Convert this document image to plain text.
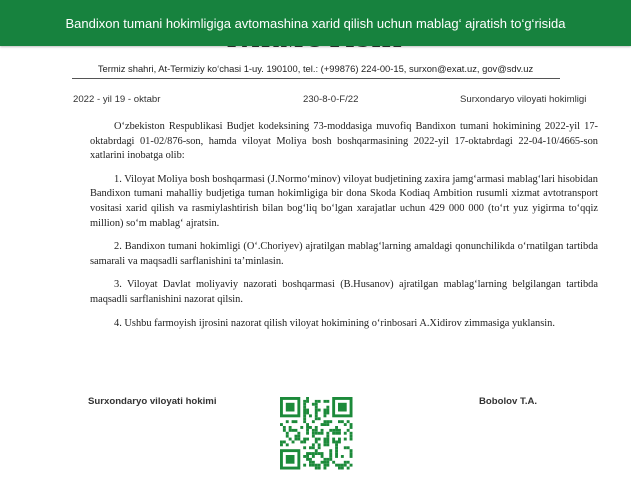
Bandixon tumani hokimligiga avtomashina xarid qilish uchun mablag‘ ajratish to‘g‘risida
Termiz shahri, At-Termiziy ko‘chasi 1-uy. 190100, tel.: (+99876) 224-00-15, surxon@exat.uz, gov@sdv.uz
2022 - yil 19 - oktabr	230-8-0-F/22	Surxondaryo viloyati hokimligi

O‘zbekiston Respublikasi Budjet kodeksining 73-moddasiga muvofiq Bandixon tumani hokimining 2022-yil 17-oktabrdagi 01-02/876-son, hamda viloyat Moliya bosh boshqarmasining 2022-yil 17-oktabrdagi 22-04-10/4665-son xatlarini inobatga olib:

1. Viloyat Moliya bosh boshqarmasi (J.Normo‘minov) viloyat budjetining zaxira jamg‘armasi mablag‘lari hisobidan Bandixon tumani mahalliy budjetiga tuman hokimligiga bir dona Skoda Kodiaq Ambition rusumli xizmat avtotransport vositasi xarid qilish va rasmiylashtirish bilan bog‘liq bo‘lgan xarajatlar uchun 429 000 000 (to‘rt yuz yigirma to‘qqiz million) so‘m mablag‘ ajratsin.

2. Bandixon tumani hokimligi (O‘.Choriyev) ajratilgan mablag‘larning amaldagi qonunchilikda o‘rnatilgan tartibda samarali va maqsadli sarflanishini ta’minlasin.

3. Viloyat Davlat moliyaviy nazorati boshqarmasi (B.Husanov) ajratilgan mablag‘larning belgilangan tartibda maqsadli sarflanishini nazorat qilsin.

4. Ushbu farmoyish ijrosini nazorat qilish viloyat hokimining o‘rinbosari A.Xidirov zimmasiga yuklansin.

Surxondaryo viloyati hokimi	Bobolov T.A.
